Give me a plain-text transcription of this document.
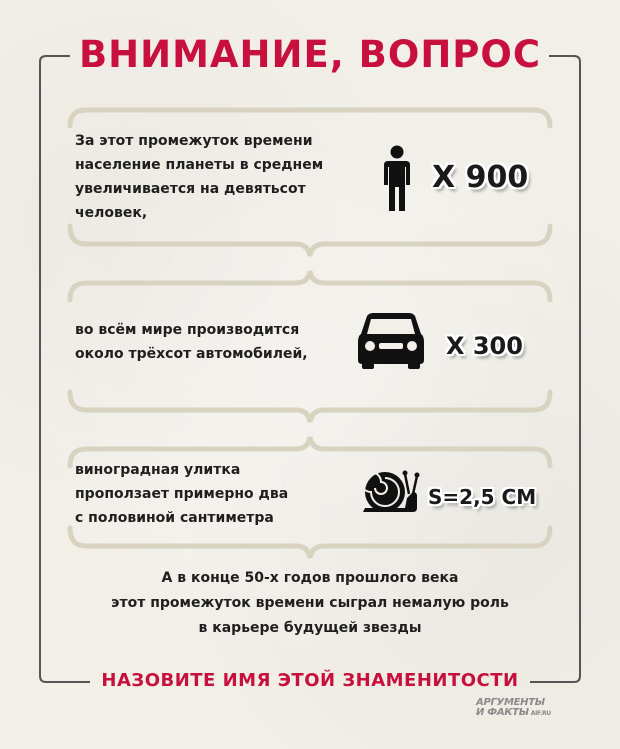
ВНИМАНИЕ, ВОПРОС
За этот промежуток времени
население планеты в среднем
увеличивается на девятьсот
человек,
Х 900
во всём мире производится
около трёхсот автомобилей,	Х 300
виноградная улитка
проползает примерно два
с половиной сантиметра
S=2,5 СМ
А в конце 50-х годов прошлого века
этот промежуток времени сыграл немалую роль
в карьере будущей звезды
НАЗОВИТЕ ИМЯ ЭТОЙ ЗНАМЕНИТОСТИ
АРГУМЕНТЫ
И ФАКТЫ AIF.RU
